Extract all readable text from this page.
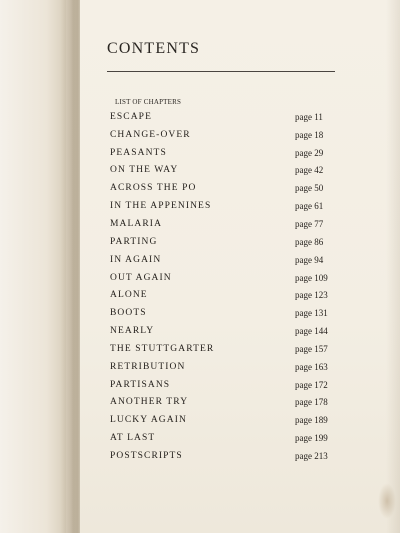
CONTENTS
LIST OF CHAPTERS
ESCAPE	page 11
CHANGE-OVER	page 18
PEASANTS	page 29
ON THE WAY	page 42
ACROSS THE PO	page 50
IN THE APPENINES	page 61
MALARIA	page 77
PARTING	page 86
IN AGAIN	page 94
OUT AGAIN	page 109
ALONE	page 123
BOOTS	page 131
NEARLY	page 144
THE STUTTGARTER	page 157
RETRIBUTION	page 163
PARTISANS	page 172
ANOTHER TRY	page 178
LUCKY AGAIN	page 189
AT LAST	page 199
POSTSCRIPTS	page 213
